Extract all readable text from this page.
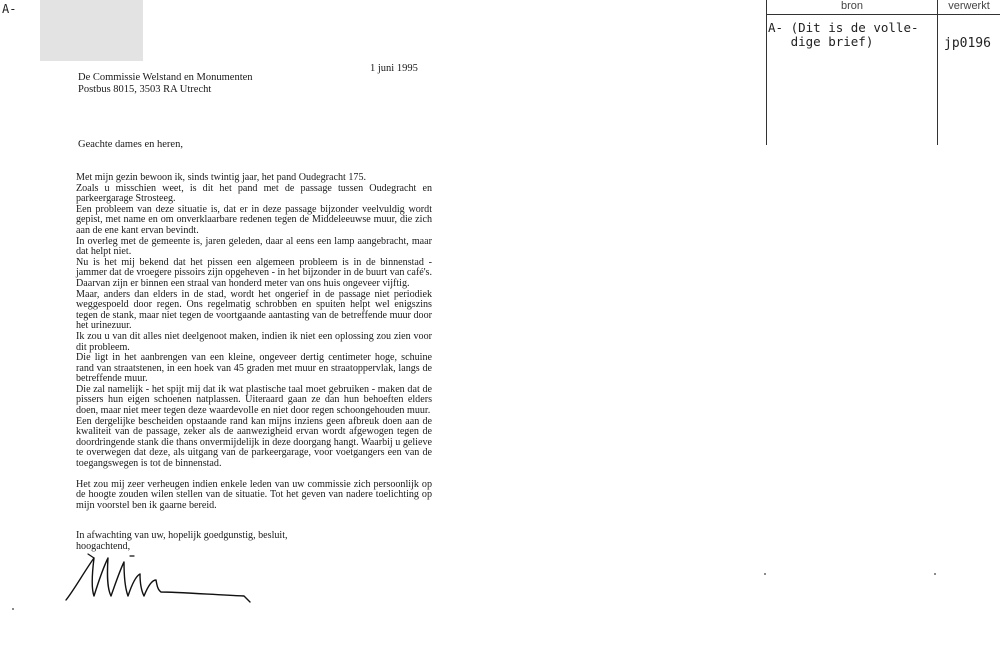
A-
1 juni 1995
De Commissie Welstand en Monumenten
Postbus 8015, 3503 RA Utrecht
Geachte dames en heren,

Met mijn gezin bewoon ik, sinds twintig jaar, het pand Oudegracht 175.

Zoals u misschien weet, is dit het pand met de passage tussen Oudegracht en parkeergarage Strosteeg.

Een probleem van deze situatie is, dat er in deze passage bijzonder veelvuldig wordt gepist, met name en om onverklaarbare redenen tegen de Middeleeuwse muur, die zich aan de ene kant ervan bevindt.

In overleg met de gemeente is, jaren geleden, daar al eens een lamp aangebracht, maar dat helpt niet.

Nu is het mij bekend dat het pissen een algemeen probleem is in de binnenstad - jammer dat de vroegere pissoirs zijn opgeheven - in het bijzonder in de buurt van café's. Daarvan zijn er binnen een straal van honderd meter van ons huis ongeveer vijftig.

Maar, anders dan elders in de stad, wordt het ongerief in de passage niet periodiek weggespoeld door regen. Ons regelmatig schrobben en spuiten helpt wel enigszins tegen de stank, maar niet tegen de voortgaande aantasting van de betreffende muur door het urinezuur.

Ik zou u van dit alles niet deelgenoot maken, indien ik niet een oplossing zou zien voor dit probleem.

Die ligt in het aanbrengen van een kleine, ongeveer dertig centimeter hoge, schuine rand van straatstenen, in een hoek van 45 graden met muur en straatoppervlak, langs de betreffende muur.

Die zal namelijk - het spijt mij dat ik wat plastische taal moet gebruiken - maken dat de pissers hun eigen schoenen natplassen. Uiteraard gaan ze dan hun behoeften elders doen, maar niet meer tegen deze waardevolle en niet door regen schoongehouden muur.

Een dergelijke bescheiden opstaande rand kan mijns inziens geen afbreuk doen aan de kwaliteit van de passage, zeker als de aanwezigheid ervan wordt afgewogen tegen de doordringende stank die thans onvermijdelijk in deze doorgang hangt. Waarbij u gelieve te overwegen dat deze, als uitgang van de parkeergarage, voor voetgangers een van de toegangswegen is tot de binnenstad.

Het zou mij zeer verheugen indien enkele leden van uw commissie zich persoonlijk op de hoogte zouden wilen stellen van de situatie. Tot het geven van nadere toelichting op mijn voorstel ben ik gaarne bereid.

In afwachting van uw, hopelijk goedgunstig, besluit,
hoogachtend,
bron	verwerkt
A- (Dit is de volle-
dige brief)	jp0196
